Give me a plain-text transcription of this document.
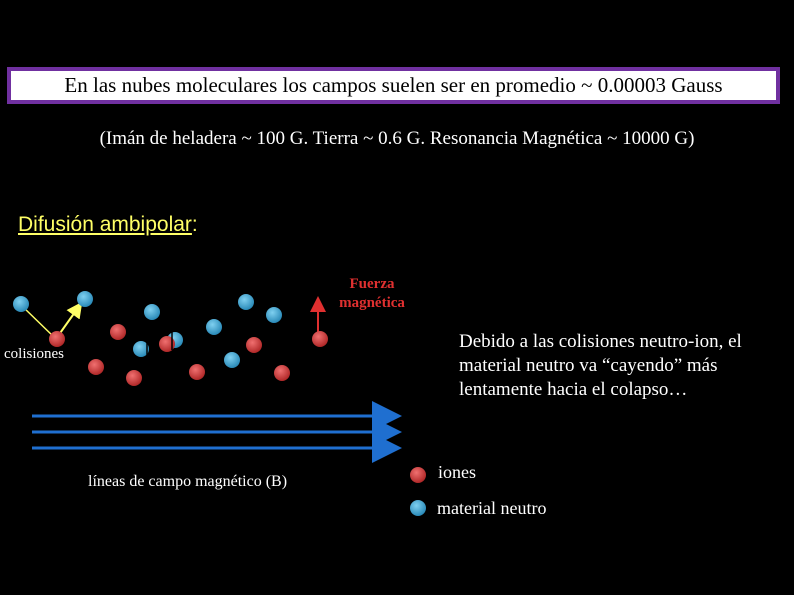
En las nubes moleculares los campos suelen ser en promedio ~ 0.00003 Gauss
(Imán de heladera ~ 100 G. Tierra ~ 0.6 G. Resonancia Magnética ~ 10000 G)
Difusión ambipolar:
Fuerza
magnética
colisiones
líneas de campo magnético (B)
Debido a las colisiones neutro-ion, el material neutro va “cayendo” más lentamente hacia el colapso…
iones
material neutro
